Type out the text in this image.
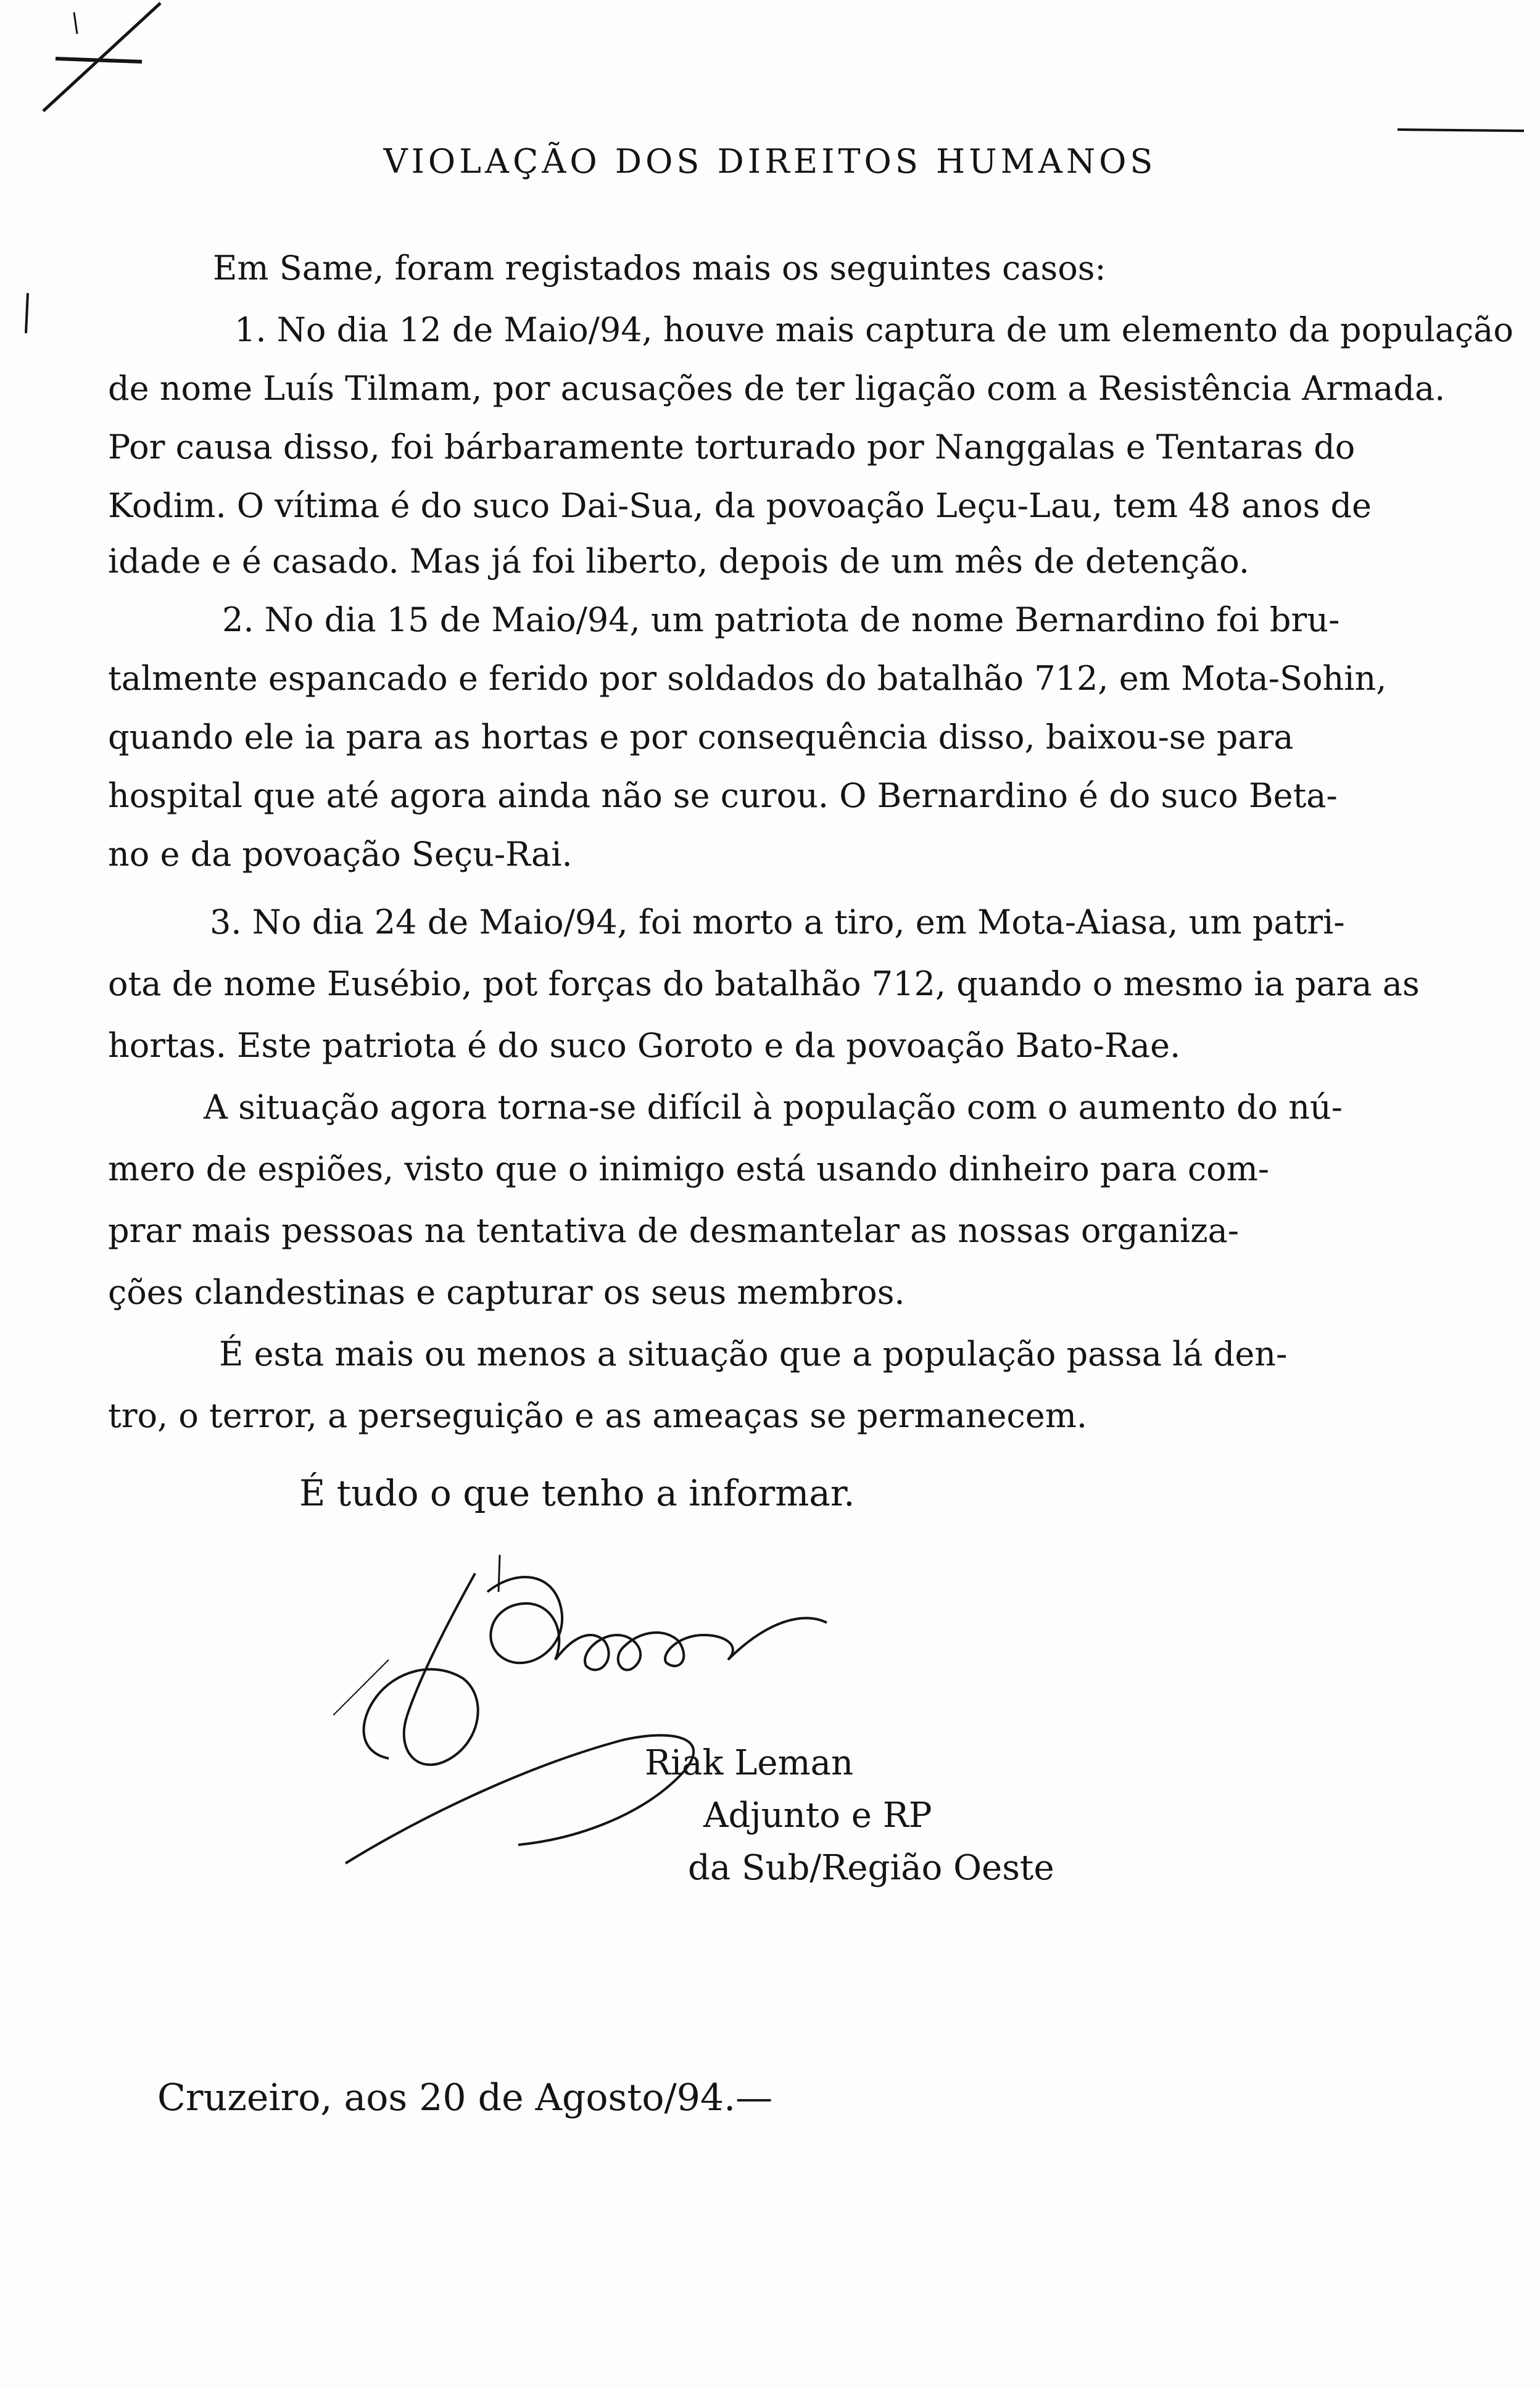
VIOLAÇÃO DOS DIREITOS HUMANOS
Em Same, foram registados mais os seguintes casos:
1. No dia 12 de Maio/94, houve mais captura de um elemento da população
de nome Luís Tilmam, por acusações de ter ligação com a Resistência Armada.
Por causa disso, foi bárbaramente torturado por Nanggalas e Tentaras do
Kodim. O vítima é do suco Dai-Sua, da povoação Leçu-Lau, tem 48 anos de
idade e é casado. Mas já foi liberto, depois de um mês de detenção.
2. No dia 15 de Maio/94, um patriota de nome Bernardino foi bru-
talmente espancado e ferido por soldados do batalhão 712, em Mota-Sohin,
quando ele ia para as hortas e por consequência disso, baixou-se para
hospital que até agora ainda não se curou. O Bernardino é do suco Beta-
no e da povoação Seçu-Rai.
3. No dia 24 de Maio/94, foi morto a tiro, em Mota-Aiasa, um patri-
ota de nome Eusébio, pot forças do batalhão 712, quando o mesmo ia para as
hortas. Este patriota é do suco Goroto e da povoação Bato-Rae.
A situação agora torna-se difícil à população com o aumento do nú-
mero de espiões, visto que o inimigo está usando dinheiro para com-
prar mais pessoas na tentativa de desmantelar as nossas organiza-
ções clandestinas e capturar os seus membros.
É esta mais ou menos a situação que a população passa lá den-
tro, o terror, a perseguição e as ameaças se permanecem.
É tudo o que tenho a informar.
Riak Leman
Adjunto e RP
da Sub/Região Oeste
Cruzeiro, aos 20 de Agosto/94.—
